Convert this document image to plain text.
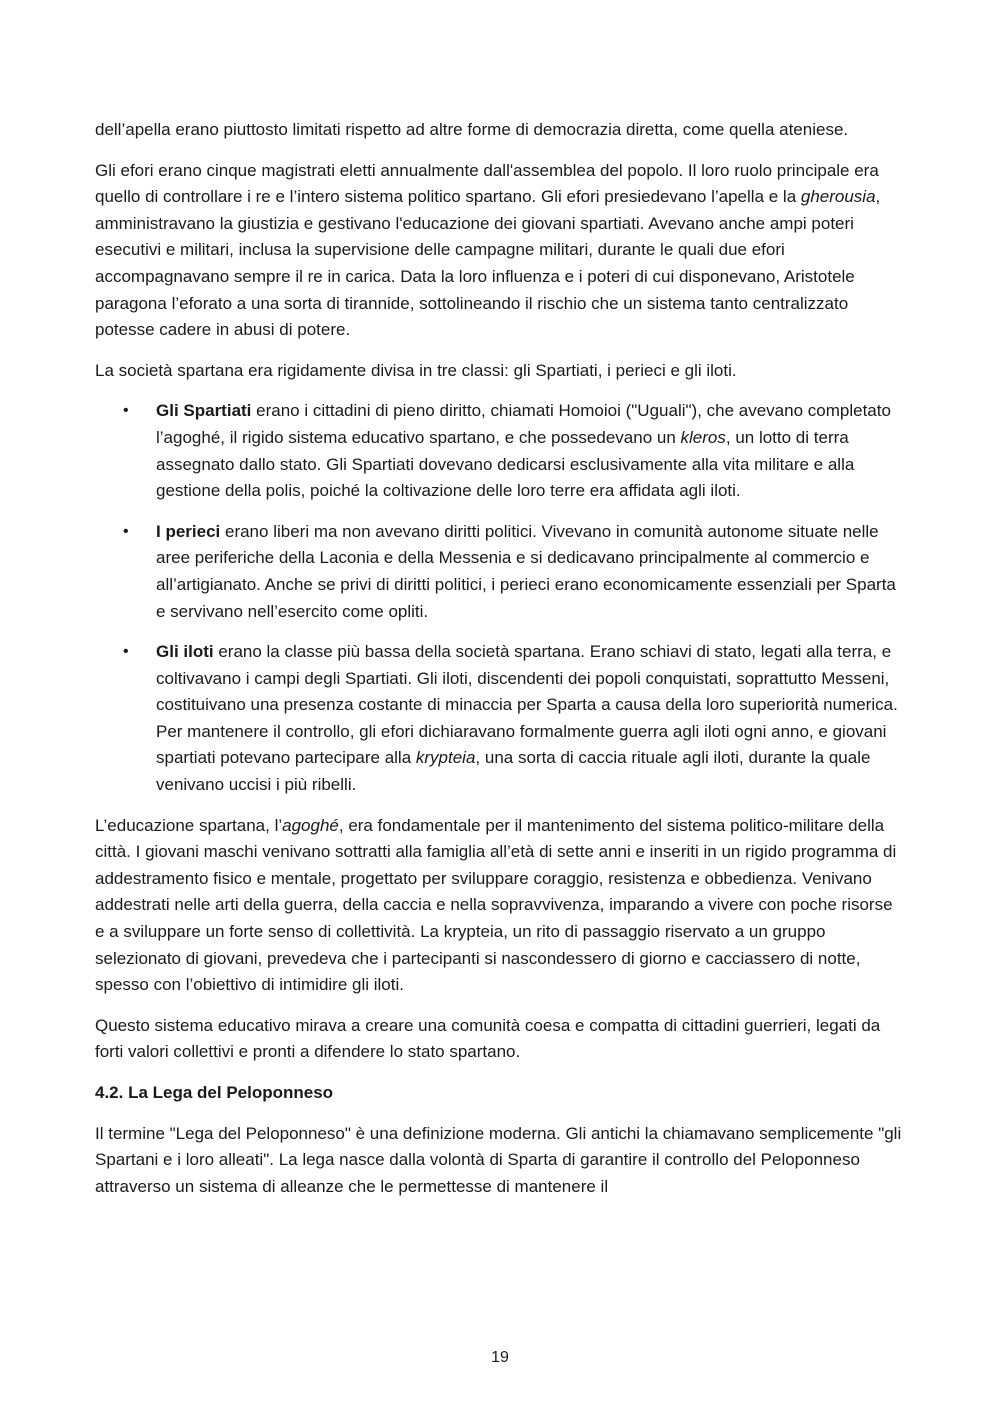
dell’apella erano piuttosto limitati rispetto ad altre forme di democrazia diretta, come quella ateniese.

Gli efori erano cinque magistrati eletti annualmente dall'assemblea del popolo. Il loro ruolo principale era quello di controllare i re e l’intero sistema politico spartano. Gli efori presiedevano l’apella e la gherousia, amministravano la giustizia e gestivano l'educazione dei giovani spartiati. Avevano anche ampi poteri esecutivi e militari, inclusa la supervisione delle campagne militari, durante le quali due efori accompagnavano sempre il re in carica. Data la loro influenza e i poteri di cui disponevano, Aristotele paragona l’eforato a una sorta di tirannide, sottolineando il rischio che un sistema tanto centralizzato potesse cadere in abusi di potere.

La società spartana era rigidamente divisa in tre classi: gli Spartiati, i perieci e gli iloti.

• Gli Spartiati erano i cittadini di pieno diritto, chiamati Homoioi ("Uguali"), che avevano completato l’agoghé, il rigido sistema educativo spartano, e che possedevano un kleros, un lotto di terra assegnato dallo stato. Gli Spartiati dovevano dedicarsi esclusivamente alla vita militare e alla gestione della polis, poiché la coltivazione delle loro terre era affidata agli iloti.
• I perieci erano liberi ma non avevano diritti politici. Vivevano in comunità autonome situate nelle aree periferiche della Laconia e della Messenia e si dedicavano principalmente al commercio e all’artigianato. Anche se privi di diritti politici, i perieci erano economicamente essenziali per Sparta e servivano nell’esercito come opliti.
• Gli iloti erano la classe più bassa della società spartana. Erano schiavi di stato, legati alla terra, e coltivavano i campi degli Spartiati. Gli iloti, discendenti dei popoli conquistati, soprattutto Messeni, costituivano una presenza costante di minaccia per Sparta a causa della loro superiorità numerica. Per mantenere il controllo, gli efori dichiaravano formalmente guerra agli iloti ogni anno, e giovani spartiati potevano partecipare alla krypteia, una sorta di caccia rituale agli iloti, durante la quale venivano uccisi i più ribelli.

L’educazione spartana, l’agoghé, era fondamentale per il mantenimento del sistema politico-militare della città. I giovani maschi venivano sottratti alla famiglia all’età di sette anni e inseriti in un rigido programma di addestramento fisico e mentale, progettato per sviluppare coraggio, resistenza e obbedienza. Venivano addestrati nelle arti della guerra, della caccia e nella sopravvivenza, imparando a vivere con poche risorse e a sviluppare un forte senso di collettività. La krypteia, un rito di passaggio riservato a un gruppo selezionato di giovani, prevedeva che i partecipanti si nascondessero di giorno e cacciassero di notte, spesso con l’obiettivo di intimidire gli iloti.

Questo sistema educativo mirava a creare una comunità coesa e compatta di cittadini guerrieri, legati da forti valori collettivi e pronti a difendere lo stato spartano.

4.2. La Lega del Peloponneso

Il termine "Lega del Peloponneso" è una definizione moderna. Gli antichi la chiamavano semplicemente "gli Spartani e i loro alleati". La lega nasce dalla volontà di Sparta di garantire il controllo del Peloponneso attraverso un sistema di alleanze che le permettesse di mantenere il

19
